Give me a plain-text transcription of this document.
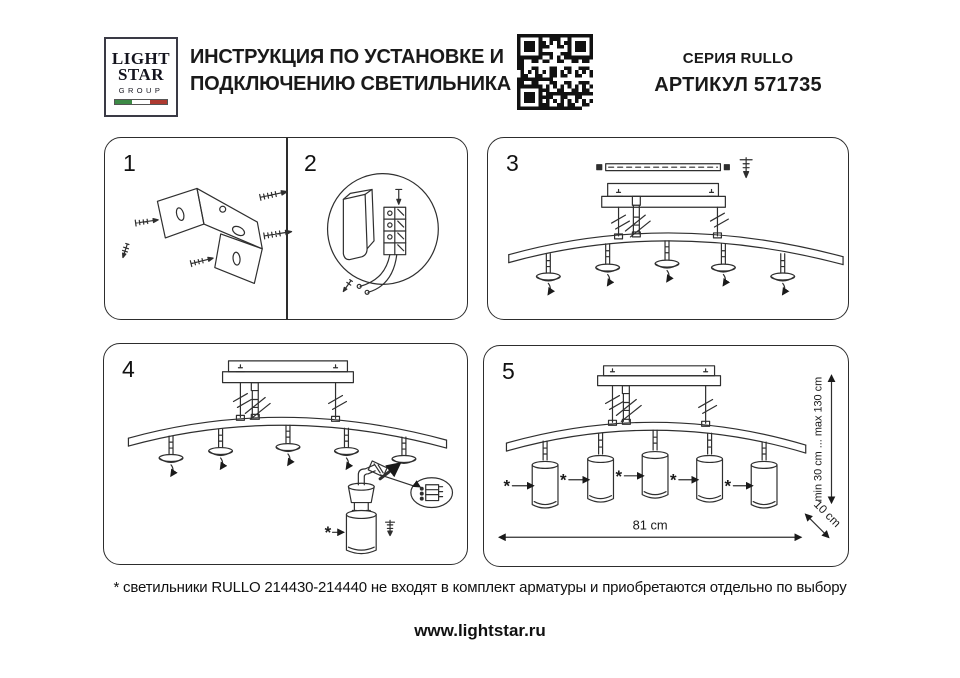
LIGHT
STAR
GROUP
ИНСТРУКЦИЯ ПО УСТАНОВКЕ И
ПОДКЛЮЧЕНИЮ СВЕТИЛЬНИКА
СЕРИЯ RULLO
АРТИКУЛ 571735
1	2	3
4
*
5
*	*	*	*	*
81 cm
min 30 cm ... max 130 cm
10 cm
* светильники RULLO 214430-214440 не входят в комплект арматуры и приобретаются отдельно по выбору
www.lightstar.ru
